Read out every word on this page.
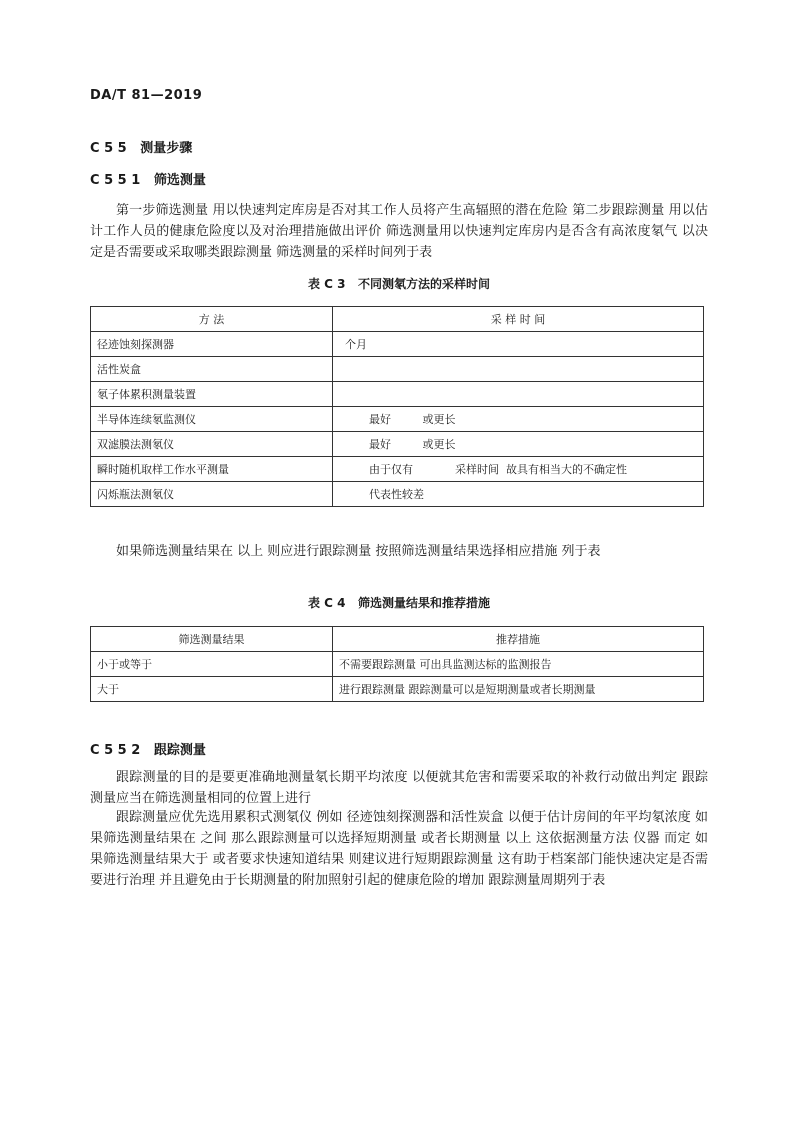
DA/T 81—2019
C 5 5 测量步骤
C 5 5 1 筛选测量

第一步筛选测量 用以快速判定库房是否对其工作人员将产生高辐照的潜在危险 第二步跟踪测量 用以估计工作人员的健康危险度以及对治理措施做出评价 筛选测量用以快速判定库房内是否含有高浓度氡气 以决定是否需要或采取哪类跟踪测量 筛选测量的采样时间列于表

表 C 3   不同测氡方法的采样时间
方 法	采 样 时 间
径迹蚀刻探测器	个月
活性炭盒	
氡子体累积测量装置	
半导体连续氡监测仪	最好         或更长
双滤膜法测氡仪	最好         或更长
瞬时随机取样工作水平测量	由于仅有            采样时间  故具有相当大的不确定性
闪烁瓶法测氡仪	代表性较差

如果筛选测量结果在 以上 则应进行跟踪测量 按照筛选测量结果选择相应措施 列于表

表 C 4   筛选测量结果和推荐措施
筛选测量结果	推荐措施
小于或等于	不需要跟踪测量 可出具监测达标的监测报告
大于	进行跟踪测量 跟踪测量可以是短期测量或者长期测量
C 5 5 2 跟踪测量

跟踪测量的目的是要更准确地测量氡长期平均浓度 以便就其危害和需要采取的补救行动做出判定 跟踪测量应当在筛选测量相同的位置上进行

跟踪测量应优先选用累积式测氡仪 例如 径迹蚀刻探测器和活性炭盒 以便于估计房间的年平均氡浓度 如果筛选测量结果在 之间 那么跟踪测量可以选择短期测量 或者长期测量 以上 这依据测量方法 仪器 而定 如果筛选测量结果大于 或者要求快速知道结果 则建议进行短期跟踪测量 这有助于档案部门能快速决定是否需要进行治理 并且避免由于长期测量的附加照射引起的健康危险的增加 跟踪测量周期列于表
